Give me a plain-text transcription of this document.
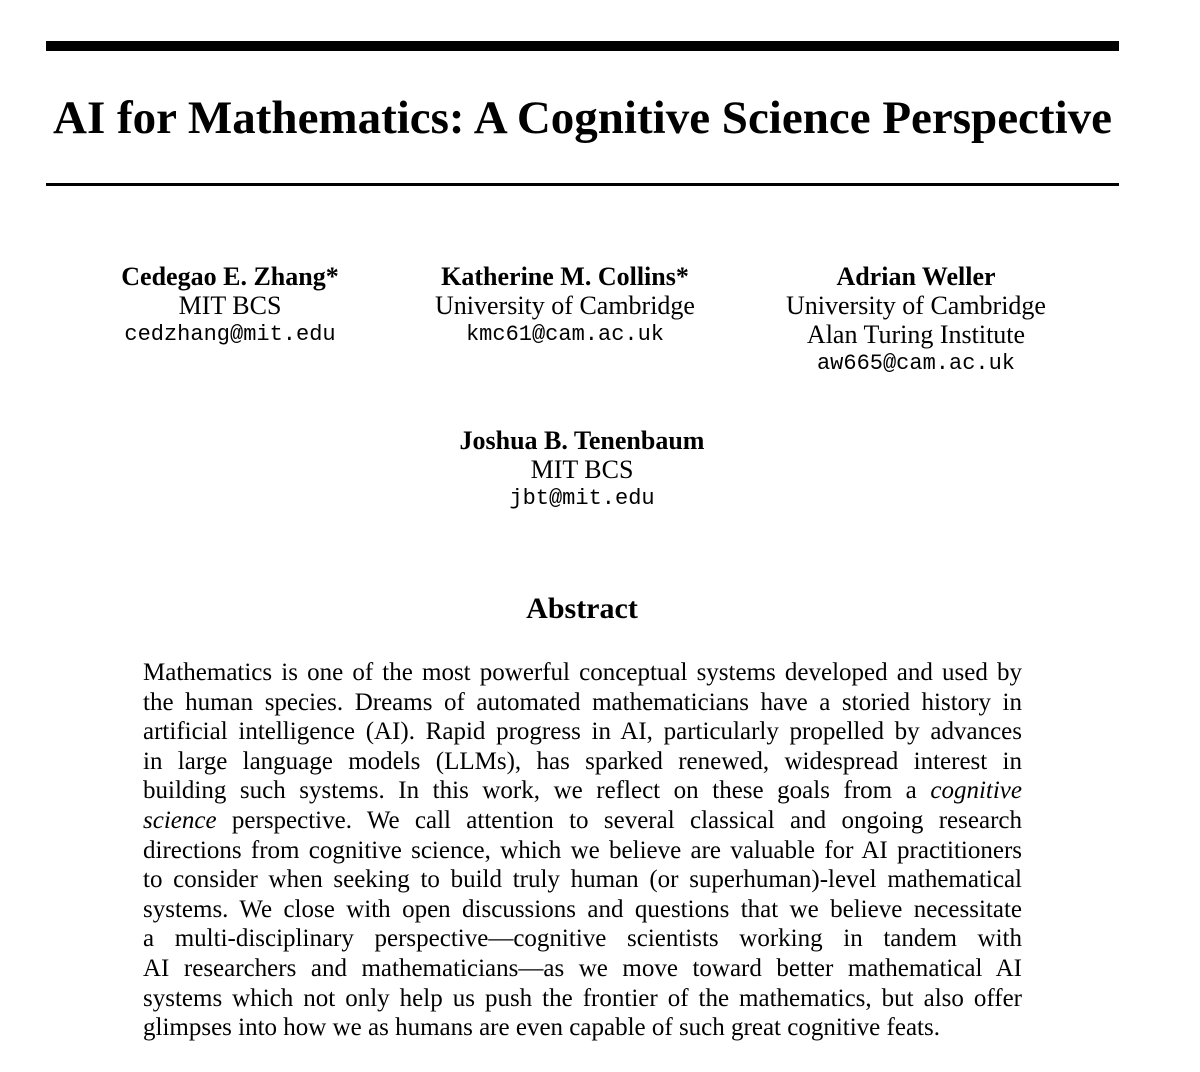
AI for Mathematics: A Cognitive Science Perspective
Cedegao E. Zhang*
MIT BCS
cedzhang@mit.edu
Katherine M. Collins*
University of Cambridge
kmc61@cam.ac.uk
Adrian Weller
University of Cambridge
Alan Turing Institute
aw665@cam.ac.uk
Joshua B. Tenenbaum
MIT BCS
jbt@mit.edu
Abstract
Mathematics is one of the most powerful conceptual systems developed and used by
the human species. Dreams of automated mathematicians have a storied history in
artificial intelligence (AI). Rapid progress in AI, particularly propelled by advances
in large language models (LLMs), has sparked renewed, widespread interest in
building such systems. In this work, we reflect on these goals from a cognitive
science perspective. We call attention to several classical and ongoing research
directions from cognitive science, which we believe are valuable for AI practitioners
to consider when seeking to build truly human (or superhuman)-level mathematical
systems. We close with open discussions and questions that we believe necessitate
a multi-disciplinary perspective—cognitive scientists working in tandem with
AI researchers and mathematicians—as we move toward better mathematical AI
systems which not only help us push the frontier of the mathematics, but also offer
glimpses into how we as humans are even capable of such great cognitive feats.
